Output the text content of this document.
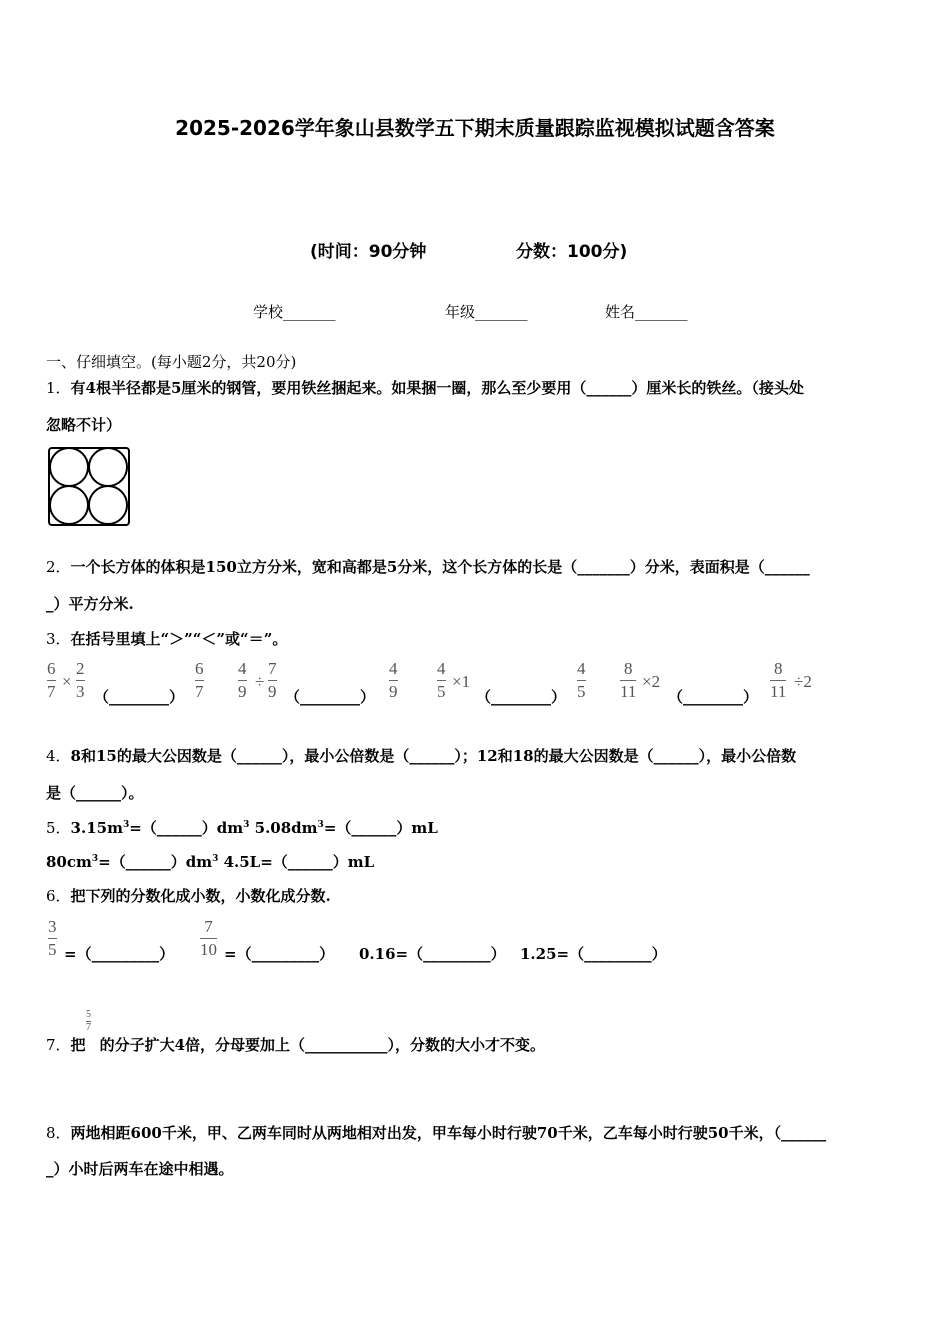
2025-2026学年象山县数学五下期末质量跟踪监视模拟试题含答案
(时间：90分钟	分数：100分)
学校_______	年级_______	姓名_______
一、仔细填空。(每小题2分，共20分)
1．有4根半径都是5厘米的钢管，要用铁丝捆起来。如果捆一圈，那么至少要用（______）厘米长的铁丝。（接头处
忽略不计）
2．一个长方体的体积是150立方分米，宽和高都是5分米，这个长方体的长是（_______）分米，表面积是（______
_）平方分米.
3．在括号里填上“＞”“＜”或“＝”。
6
7
×
2
3 （________）
6
7
4
9
÷
7
9 （________）
4
9
4
5
×1
（________）
4
5
8
11
×2
（________）
8
11
÷2
4．8和15的最大公因数是（______），最小公倍数是（______）；12和18的最大公因数是（______），最小公倍数
是（______）。
5．$3.15m^3=(\_\_\_\_\_\_)dm^3$ $5.08dm^3=(\_\_\_\_\_\_)mL$
$80cm^3=(\_\_\_\_\_\_)dm^3$ 4.5L=（______）mL
6．把下列的分数化成小数，小数化成分数.
3
5 =（_________）
7
10 =（_________） 0.16=（_________） 1.25=（_________）
5
7
7．把 的分子扩大4倍，分母要加上（___________），分数的大小才不变。
8．两地相距600千米，甲、乙两车同时从两地相对出发，甲车每小时行驶70千米，乙车每小时行驶50千米，（______
_）小时后两车在途中相遇。
